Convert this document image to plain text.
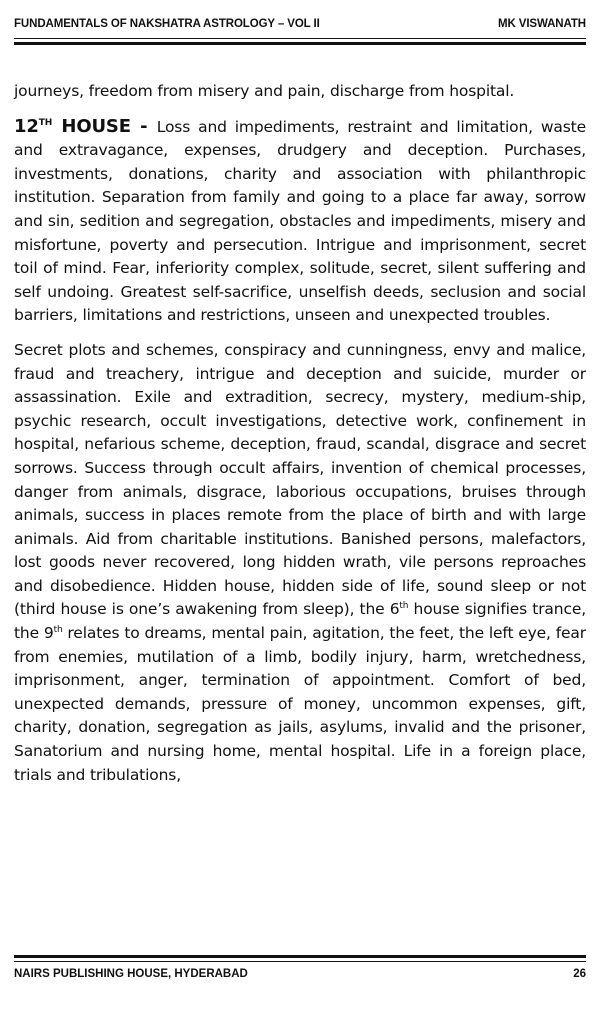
FUNDAMENTALS OF NAKSHATRA ASTROLOGY – VOL II	MK VISWANATH

journeys, freedom from misery and pain, discharge from hospital.

12TH HOUSE - Loss and impediments, restraint and limitation, waste and extravagance, expenses, drudgery and deception. Purchases, investments, donations, charity and association with philanthropic institution. Separation from family and going to a place far away, sorrow and sin, sedition and segregation, obstacles and impediments, misery and misfortune, poverty and persecution. Intrigue and imprisonment, secret toil of mind. Fear, inferiority complex, solitude, secret, silent suffering and self undoing. Greatest self-sacrifice, unselfish deeds, seclusion and social barriers, limitations and restrictions, unseen and unexpected troubles.

Secret plots and schemes, conspiracy and cunningness, envy and malice, fraud and treachery, intrigue and deception and suicide, murder or assassination. Exile and extradition, secrecy, mystery, medium-ship, psychic research, occult investigations, detective work, confinement in hospital, nefarious scheme, deception, fraud, scandal, disgrace and secret sorrows. Success through occult affairs, invention of chemical processes, danger from animals, disgrace, laborious occupations, bruises through animals, success in places remote from the place of birth and with large animals. Aid from charitable institutions. Banished persons, malefactors, lost goods never recovered, long hidden wrath, vile persons reproaches and disobedience. Hidden house, hidden side of life, sound sleep or not (third house is one’s awakening from sleep), the 6th house signifies trance, the 9th relates to dreams, mental pain, agitation, the feet, the left eye, fear from enemies, mutilation of a limb, bodily injury, harm, wretchedness, imprisonment, anger, termination of appointment. Comfort of bed, unexpected demands, pressure of money, uncommon expenses, gift, charity, donation, segregation as jails, asylums, invalid and the prisoner, Sanatorium and nursing home, mental hospital. Life in a foreign place, trials and tribulations,

NAIRS PUBLISHING HOUSE, HYDERABAD	26
